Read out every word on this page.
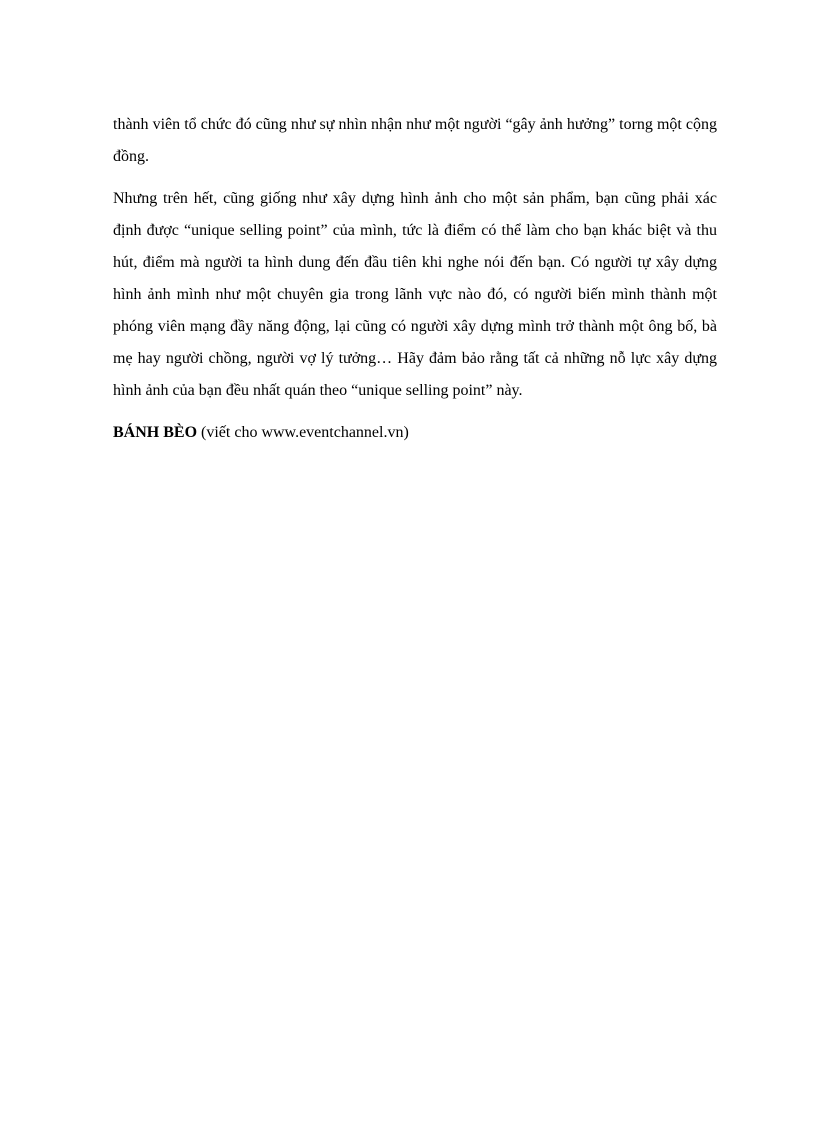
thành viên tổ chức đó cũng như sự nhìn nhận như một người “gây ảnh hưởng” torng một cộng đồng.

Nhưng trên hết, cũng giống như xây dựng hình ảnh cho một sản phẩm, bạn cũng phải xác định được “unique selling point” của mình, tức là điểm có thể làm cho bạn khác biệt và thu hút, điểm mà người ta hình dung đến đầu tiên khi nghe nói đến bạn. Có người tự xây dựng hình ảnh mình như một chuyên gia trong lãnh vực nào đó, có người biến mình thành một phóng viên mạng đầy năng động, lại cũng có người xây dựng mình trở thành một ông bố, bà mẹ hay người chồng, người vợ lý tưởng… Hãy đảm bảo rằng tất cả những nỗ lực xây dựng hình ảnh của bạn đều nhất quán theo “unique selling point” này.

BÁNH BÈO (viết cho www.eventchannel.vn)
